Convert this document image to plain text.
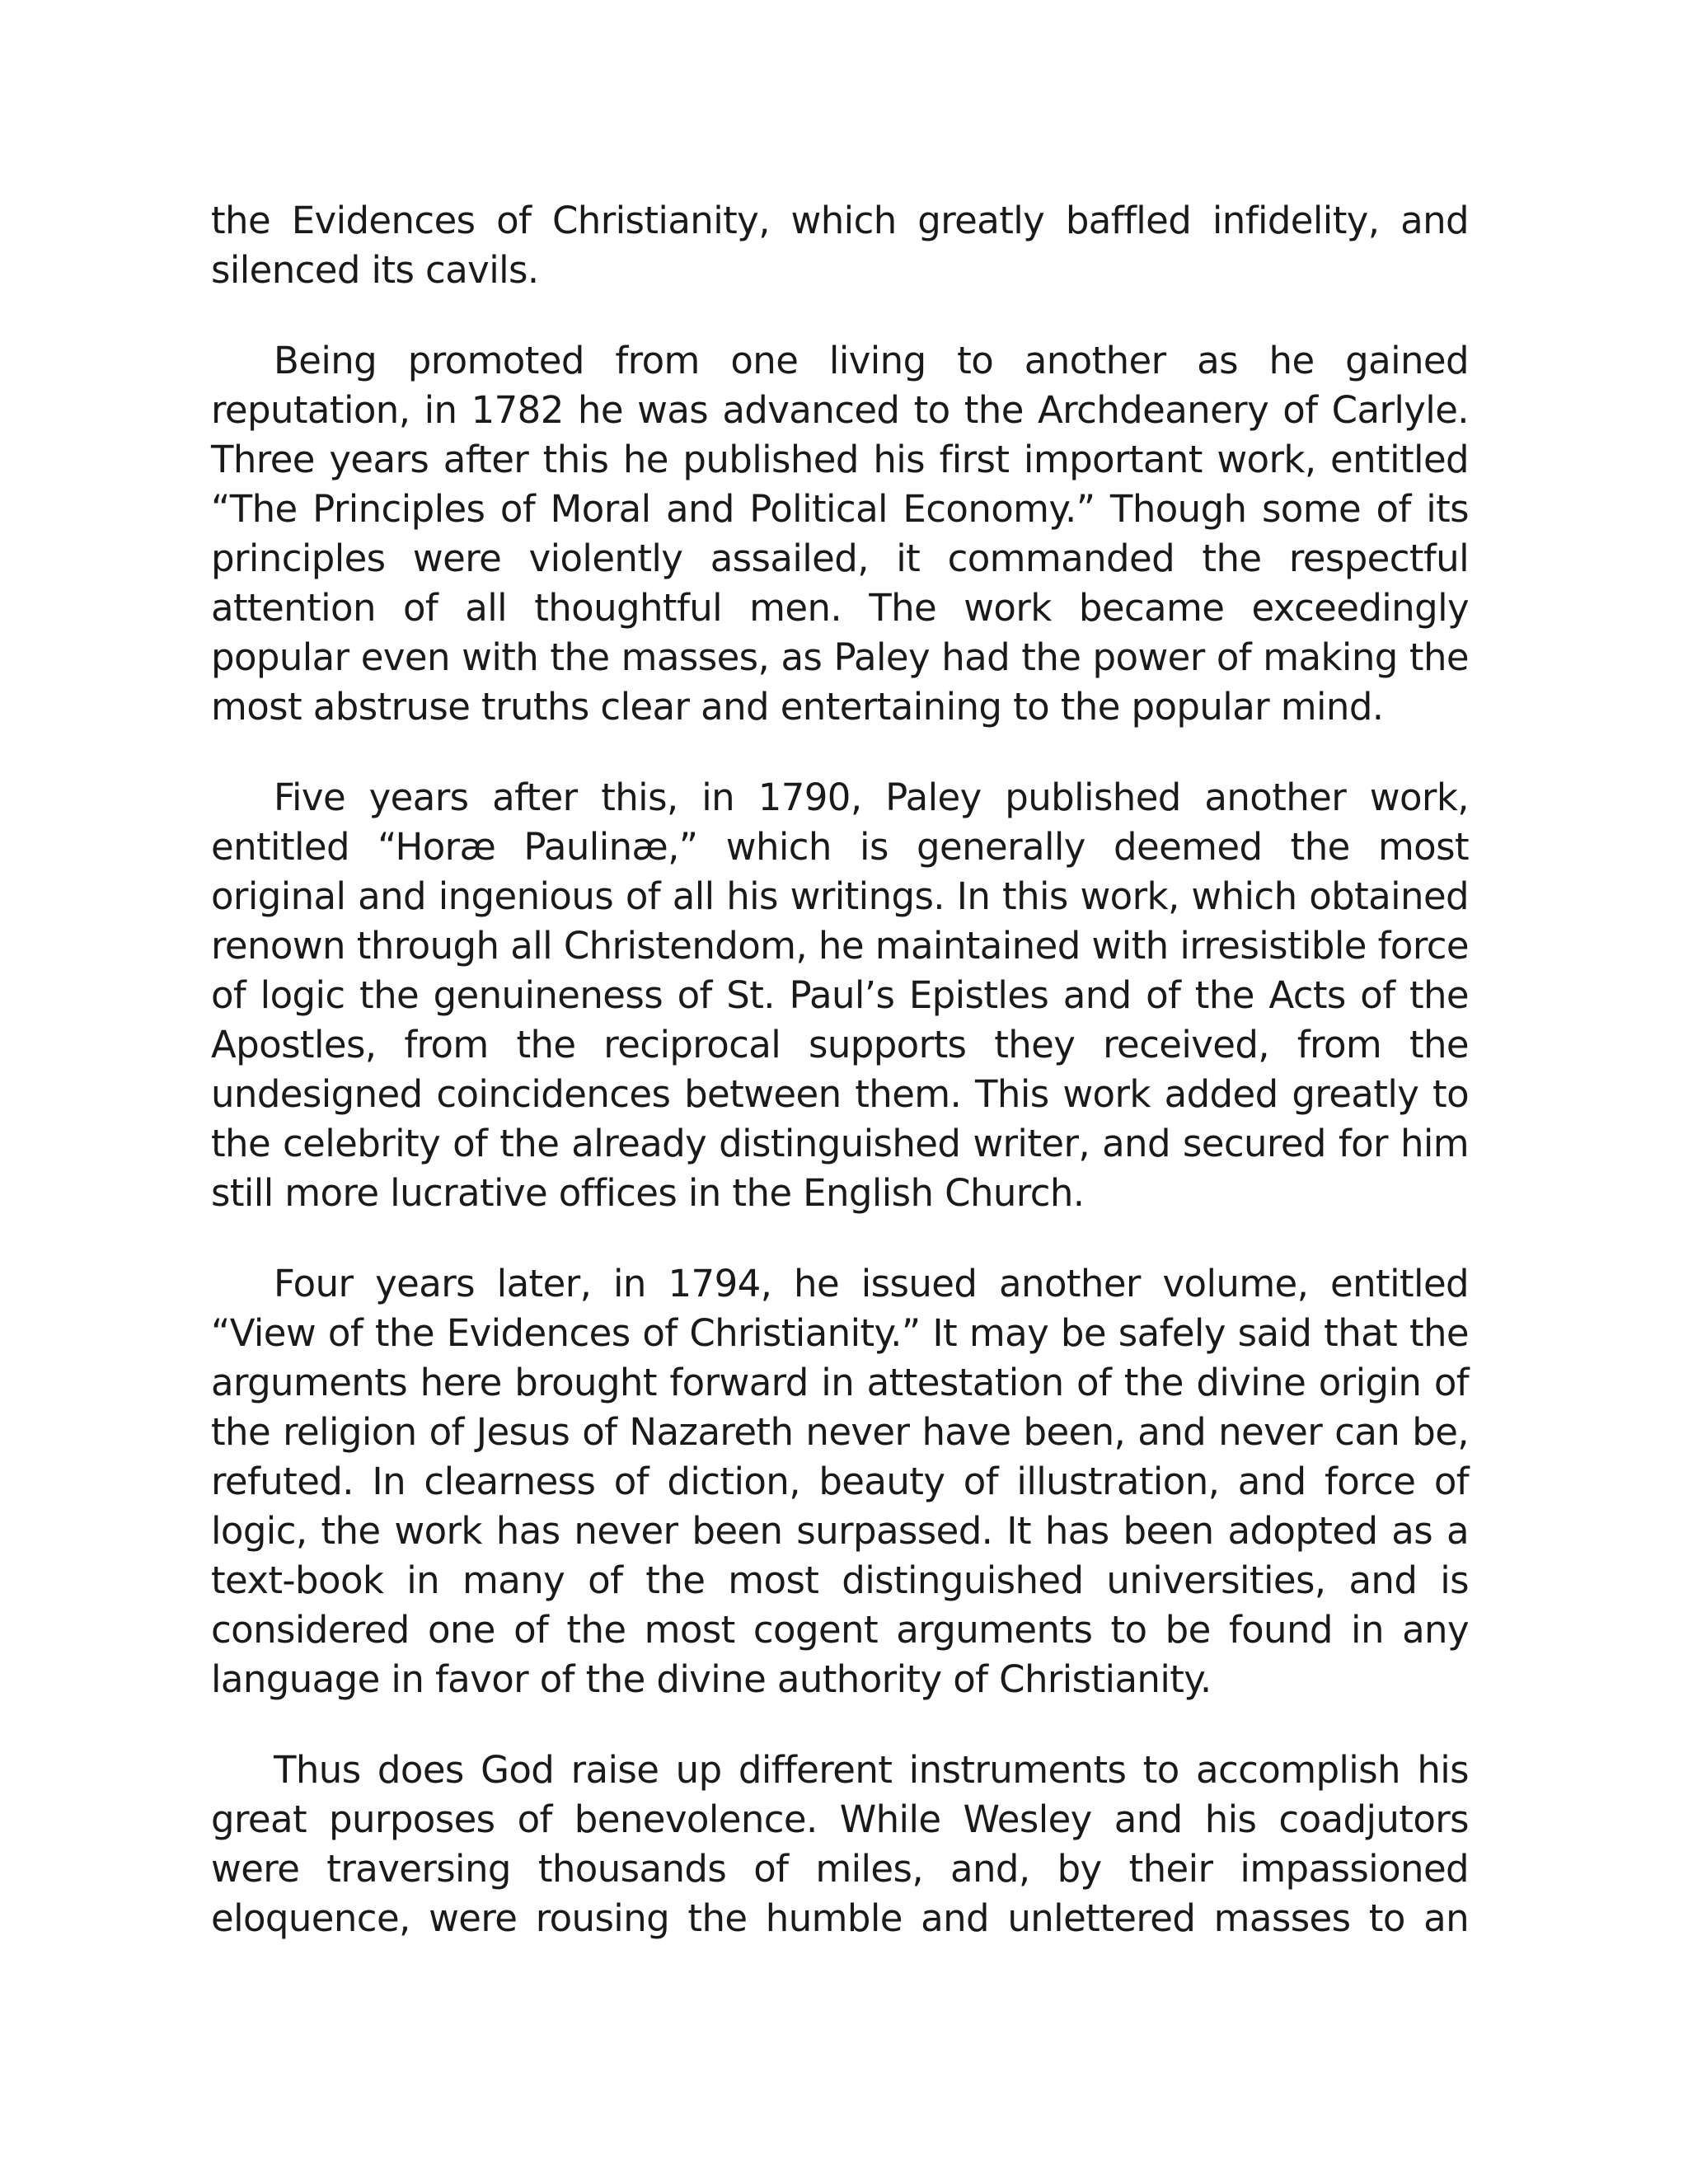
the Evidences of Christianity, which greatly baffled infidelity, and silenced its cavils.

Being promoted from one living to another as he gained reputation, in 1782 he was advanced to the Archdeanery of Carlyle. Three years after this he published his first important work, entitled “The Principles of Moral and Political Economy.” Though some of its principles were violently assailed, it commanded the respectful attention of all thoughtful men. The work became exceedingly popular even with the masses, as Paley had the power of making the most abstruse truths clear and entertaining to the popular mind.

Five years after this, in 1790, Paley published another work, entitled “Horæ Paulinæ,” which is generally deemed the most original and ingenious of all his writings. In this work, which obtained renown through all Christendom, he maintained with irresistible force of logic the genuineness of St. Paul’s Epistles and of the Acts of the Apostles, from the reciprocal supports they received, from the undesigned coincidences between them. This work added greatly to the celebrity of the already distinguished writer, and secured for him still more lucrative offices in the English Church.

Four years later, in 1794, he issued another volume, entitled “View of the Evidences of Christianity.” It may be safely said that the arguments here brought forward in attestation of the divine origin of the religion of Jesus of Nazareth never have been, and never can be, refuted. In clearness of diction, beauty of illustration, and force of logic, the work has never been surpassed. It has been adopted as a text-book in many of the most distinguished universities, and is considered one of the most cogent arguments to be found in any language in favor of the divine authority of Christianity.

Thus does God raise up different instruments to accomplish his great purposes of benevolence. While Wesley and his coadjutors were traversing thousands of miles, and, by their impassioned eloquence, were rousing the humble and unlettered masses to an
